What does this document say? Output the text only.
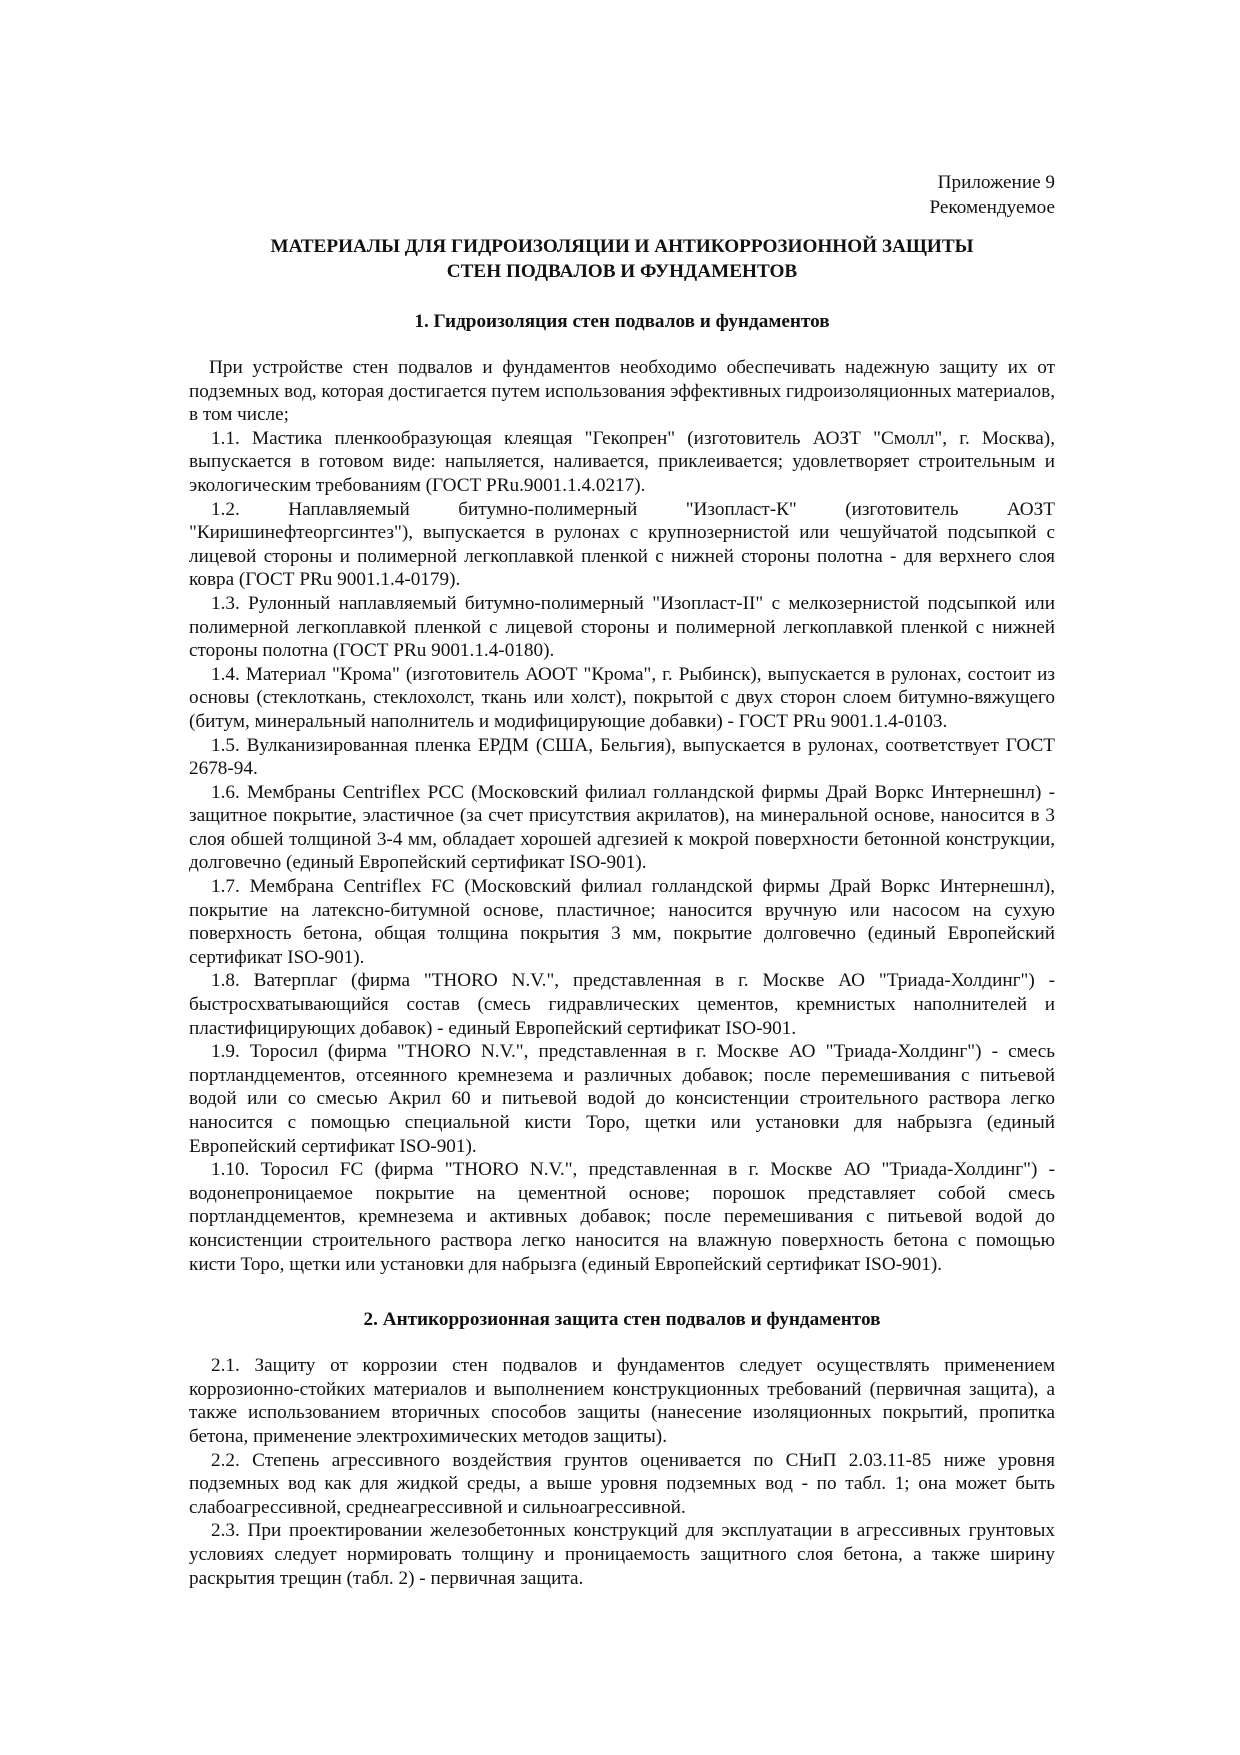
Приложение 9
Рекомендуемое
МАТЕРИАЛЫ ДЛЯ ГИДРОИЗОЛЯЦИИ И АНТИКОРРОЗИОННОЙ ЗАЩИТЫ
СТЕН ПОДВАЛОВ И ФУНДАМЕНТОВ
1. Гидроизоляция стен подвалов и фундаментов

При устройстве стен подвалов и фундаментов необходимо обеспечивать надежную защиту их от подземных вод, которая достигается путем использования эффективных гидроизоляционных материалов, в том числе;

1.1. Мастика пленкообразующая клеящая "Гекопрен" (изготовитель АОЗТ "Смолл", г. Москва), выпускается в готовом виде: напыляется, наливается, приклеивается; удовлетворяет строительным и экологическим требованиям (ГОСТ PRu.9001.1.4.0217).

1.2. Наплавляемый битумно-полимерный "Изопласт-К" (изготовитель АОЗТ "Киришинефтеоргсинтез"), выпускается в рулонах с крупнозернистой или чешуйчатой подсыпкой с лицевой стороны и полимерной легкоплавкой пленкой с нижней стороны полотна - для верхнего слоя ковра (ГОСТ PRu 9001.1.4-0179).

1.3. Рулонный наплавляемый битумно-полимерный "Изопласт-II" с мелкозернистой подсыпкой или полимерной легкоплавкой пленкой с лицевой стороны и полимерной легкоплавкой пленкой с нижней стороны полотна (ГОСТ PRu 9001.1.4-0180).

1.4. Материал "Крома" (изготовитель АООТ "Крома", г. Рыбинск), выпускается в рулонах, состоит из основы (стеклоткань, стеклохолст, ткань или холст), покрытой с двух сторон слоем битумно-вяжущего (битум, минеральный наполнитель и модифицирующие добавки) - ГОСТ PRu 9001.1.4-0103.

1.5. Вулканизированная пленка ЕРДМ (США, Бельгия), выпускается в рулонах, соответствует ГОСТ 2678-94.

1.6. Мембраны Centriflex PCC (Московский филиал голландской фирмы Драй Воркс Интернешнл) - защитное покрытие, эластичное (за счет присутствия акрилатов), на минеральной основе, наносится в 3 слоя обшей толщиной 3-4 мм, обладает хорошей адгезией к мокрой поверхности бетонной конструкции, долговечно (единый Европейский сертификат ISO-901).

1.7. Мембрана Centriflex FC (Московский филиал голландской фирмы Драй Воркс Интернешнл), покрытие на латексно-битумной основе, пластичное; наносится вручную или насосом на сухую поверхность бетона, общая толщина покрытия 3 мм, покрытие долговечно (единый Европейский сертификат ISO-901).

1.8. Ватерплаг (фирма "THORO N.V.", представленная в г. Москве АО "Триада-Холдинг") - быстросхватывающийся состав (смесь гидравлических цементов, кремнистых наполнителей и пластифицирующих добавок) - единый Европейский сертификат ISO-901.

1.9. Торосил (фирма "THORO N.V.", представленная в г. Москве АО "Триада-Холдинг") - смесь портландцементов, отсеянного кремнезема и различных добавок; после перемешивания с питьевой водой или со смесью Акрил 60 и питьевой водой до консистенции строительного раствора легко наносится с помощью специальной кисти Торо, щетки или установки для набрызга (единый Европейский сертификат ISO-901).

1.10. Торосил FC (фирма "THORO N.V.", представленная в г. Москве АО "Триада-Холдинг") - водонепроницаемое покрытие на цементной основе; порошок представляет собой смесь портландцементов, кремнезема и активных добавок; после перемешивания с питьевой водой до консистенции строительного раствора легко наносится на влажную поверхность бетона с помощью кисти Торо, щетки или установки для набрызга (единый Европейский сертификат ISO-901).

2. Антикоррозионная защита стен подвалов и фундаментов

2.1. Защиту от коррозии стен подвалов и фундаментов следует осуществлять применением коррозионно-стойких материалов и выполнением конструкционных требований (первичная защита), а также использованием вторичных способов защиты (нанесение изоляционных покрытий, пропитка бетона, применение электрохимических методов защиты).

2.2. Степень агрессивного воздействия грунтов оценивается по СНиП 2.03.11-85 ниже уровня подземных вод как для жидкой среды, а выше уровня подземных вод - по табл. 1; она может быть слабоагрессивной, среднеагрессивной и сильноагрессивной.

2.3. При проектировании железобетонных конструкций для эксплуатации в агрессивных грунтовых условиях следует нормировать толщину и проницаемость защитного слоя бетона, а также ширину раскрытия трещин (табл. 2) - первичная защита.
